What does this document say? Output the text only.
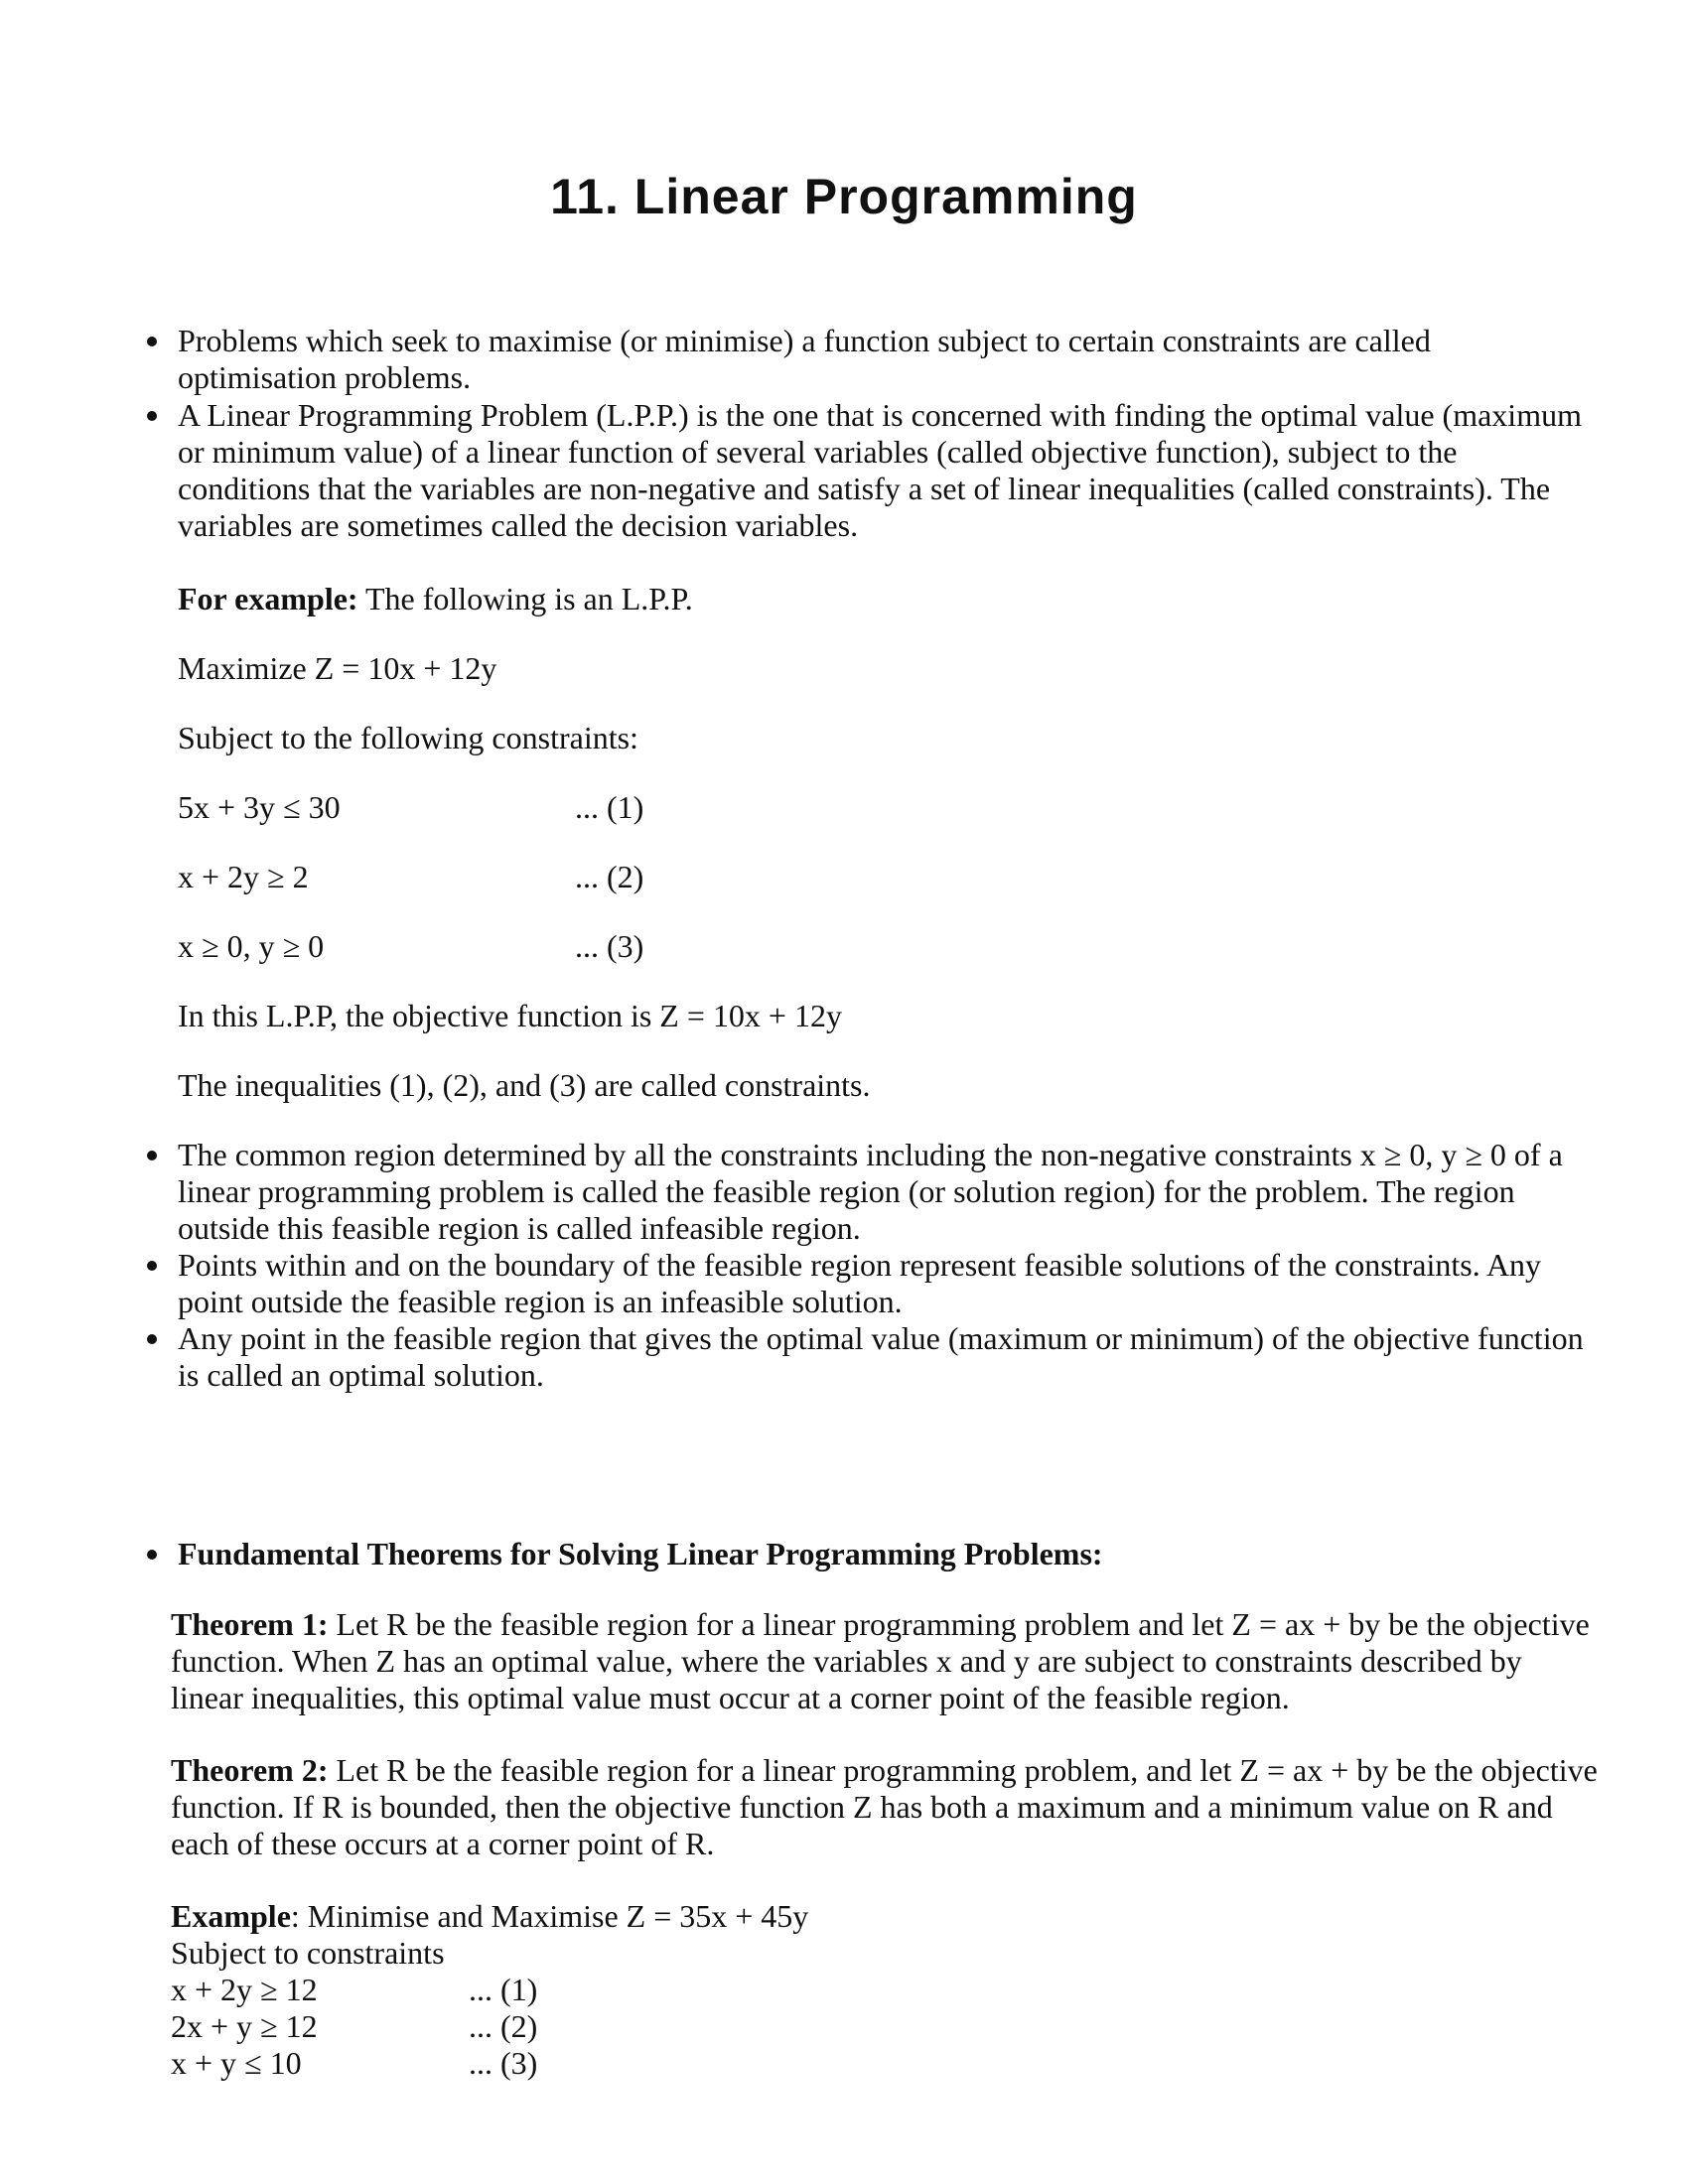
11. Linear Programming
Problems which seek to maximise (or minimise) a function subject to certain constraints are called optimisation problems.
A Linear Programming Problem (L.P.P.) is the one that is concerned with finding the optimal value (maximum or minimum value) of a linear function of several variables (called objective function), subject to the conditions that the variables are non-negative and satisfy a set of linear inequalities (called constraints). The variables are sometimes called the decision variables.
For example: The following is an L.P.P.
Maximize Z = 10x + 12y
Subject to the following constraints:
5x + 3y ≤ 30	... (1)
x + 2y ≥ 2	... (2)
x ≥ 0, y ≥ 0	... (3)
In this L.P.P, the objective function is Z = 10x + 12y
The inequalities (1), (2), and (3) are called constraints.
The common region determined by all the constraints including the non-negative constraints x ≥ 0, y ≥ 0 of a linear programming problem is called the feasible region (or solution region) for the problem. The region outside this feasible region is called infeasible region.
Points within and on the boundary of the feasible region represent feasible solutions of the constraints. Any point outside the feasible region is an infeasible solution.
Any point in the feasible region that gives the optimal value (maximum or minimum) of the objective function is called an optimal solution.
Fundamental Theorems for Solving Linear Programming Problems:
Theorem 1: Let R be the feasible region for a linear programming problem and let Z = ax + by be the objective function. When Z has an optimal value, where the variables x and y are subject to constraints described by linear inequalities, this optimal value must occur at a corner point of the feasible region.
Theorem 2: Let R be the feasible region for a linear programming problem, and let Z = ax + by be the objective function. If R is bounded, then the objective function Z has both a maximum and a minimum value on R and each of these occurs at a corner point of R.
Example: Minimise and Maximise Z = 35x + 45y
Subject to constraints
x + 2y ≥ 12	... (1)
2x + y ≥ 12	... (2)
x + y ≤ 10	... (3)
